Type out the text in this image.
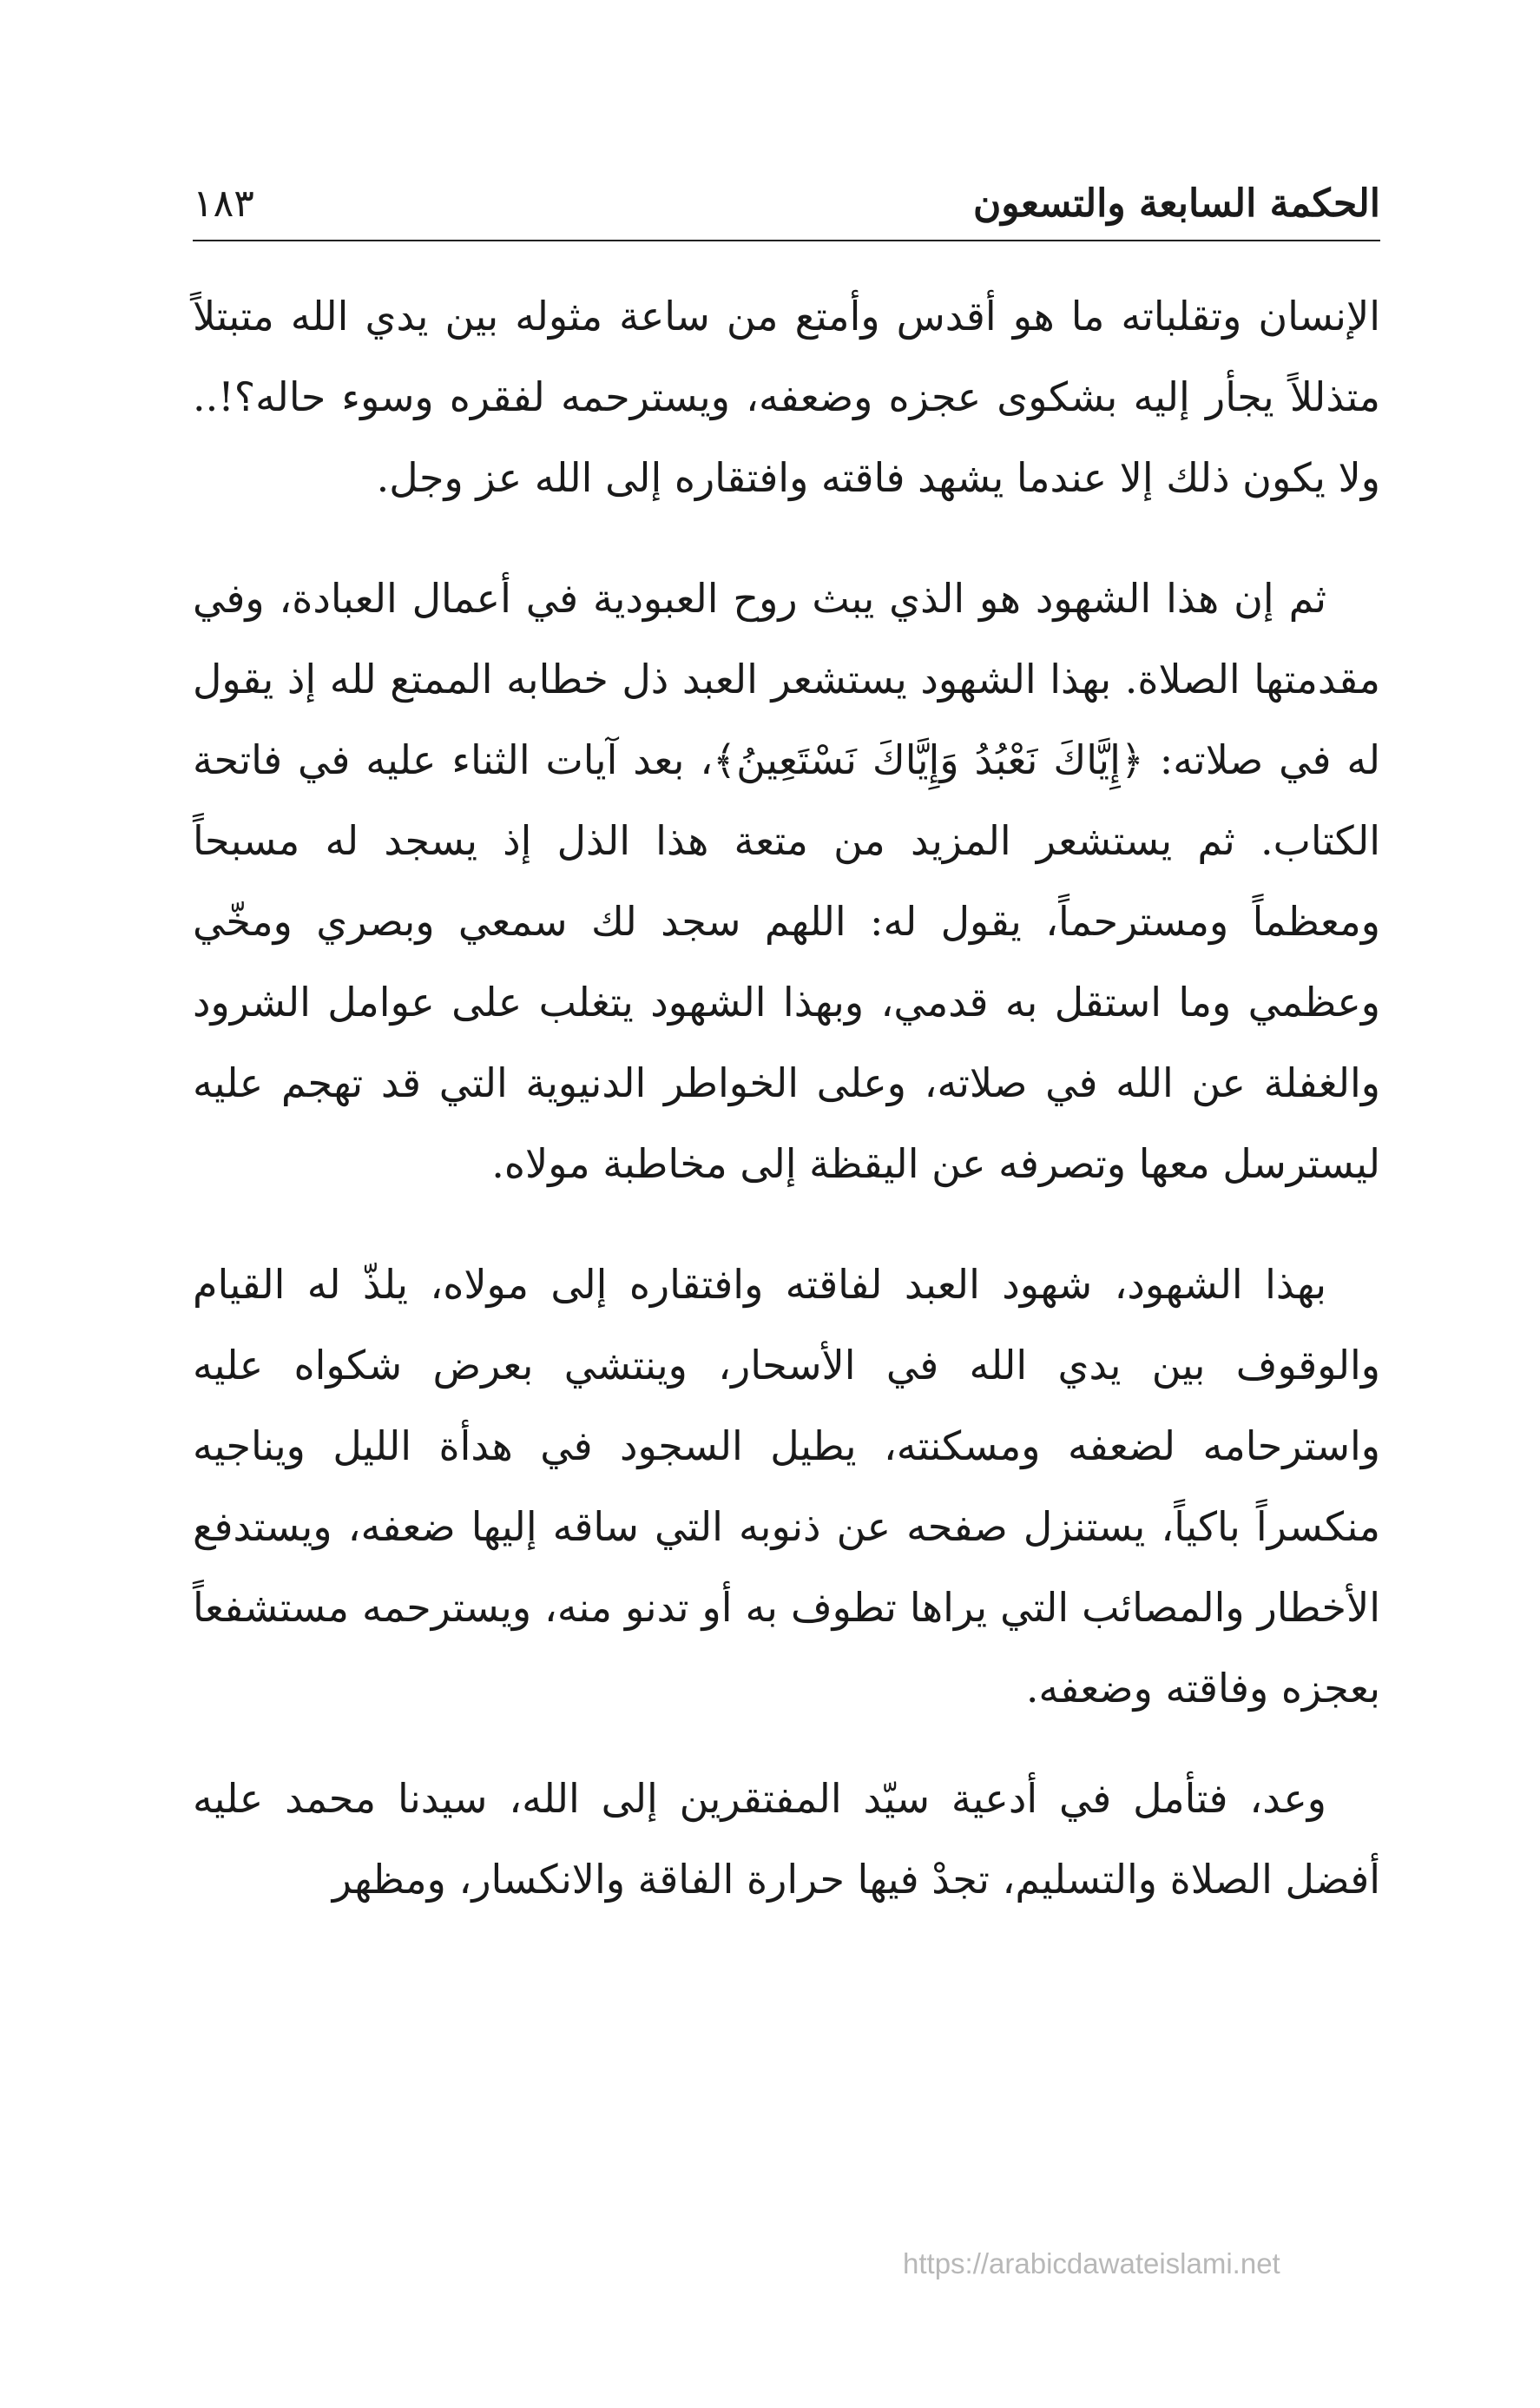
الحكمة السابعة والتسعون
١٨٣

الإنسان وتقلباته ما هو أقدس وأمتع من ساعة مثوله بين يدي الله متبتلاً متذللاً يجأر إليه بشكوى عجزه وضعفه، ويسترحمه لفقره وسوء حاله؟!.. ولا يكون ذلك إلا عندما يشهد فاقته وافتقاره إلى الله عز وجل.

ثم إن هذا الشهود هو الذي يبث روح العبودية في أعمال العبادة، وفي مقدمتها الصلاة. بهذا الشهود يستشعر العبد ذل خطابه الممتع لله إذ يقول له في صلاته: ﴿إِيَّاكَ نَعْبُدُ وَإِيَّاكَ نَسْتَعِينُ﴾، بعد آيات الثناء عليه في فاتحة الكتاب. ثم يستشعر المزيد من متعة هذا الذل إذ يسجد له مسبحاً ومعظماً ومسترحماً، يقول له: اللهم سجد لك سمعي وبصري ومخّي وعظمي وما استقل به قدمي، وبهذا الشهود يتغلب على عوامل الشرود والغفلة عن الله في صلاته، وعلى الخواطر الدنيوية التي قد تهجم عليه ليسترسل معها وتصرفه عن اليقظة إلى مخاطبة مولاه.

بهذا الشهود، شهود العبد لفاقته وافتقاره إلى مولاه، يلذّ له القيام والوقوف بين يدي الله في الأسحار، وينتشي بعرض شكواه عليه واسترحامه لضعفه ومسكنته، يطيل السجود في هدأة الليل ويناجيه منكسراً باكياً، يستنزل صفحه عن ذنوبه التي ساقه إليها ضعفه، ويستدفع الأخطار والمصائب التي يراها تطوف به أو تدنو منه، ويسترحمه مستشفعاً بعجزه وفاقته وضعفه.

وعد، فتأمل في أدعية سيّد المفتقرين إلى الله، سيدنا محمد عليه أفضل الصلاة والتسليم، تجدْ فيها حرارة الفاقة والانكسار، ومظهر

https://arabicdawateislami.net
